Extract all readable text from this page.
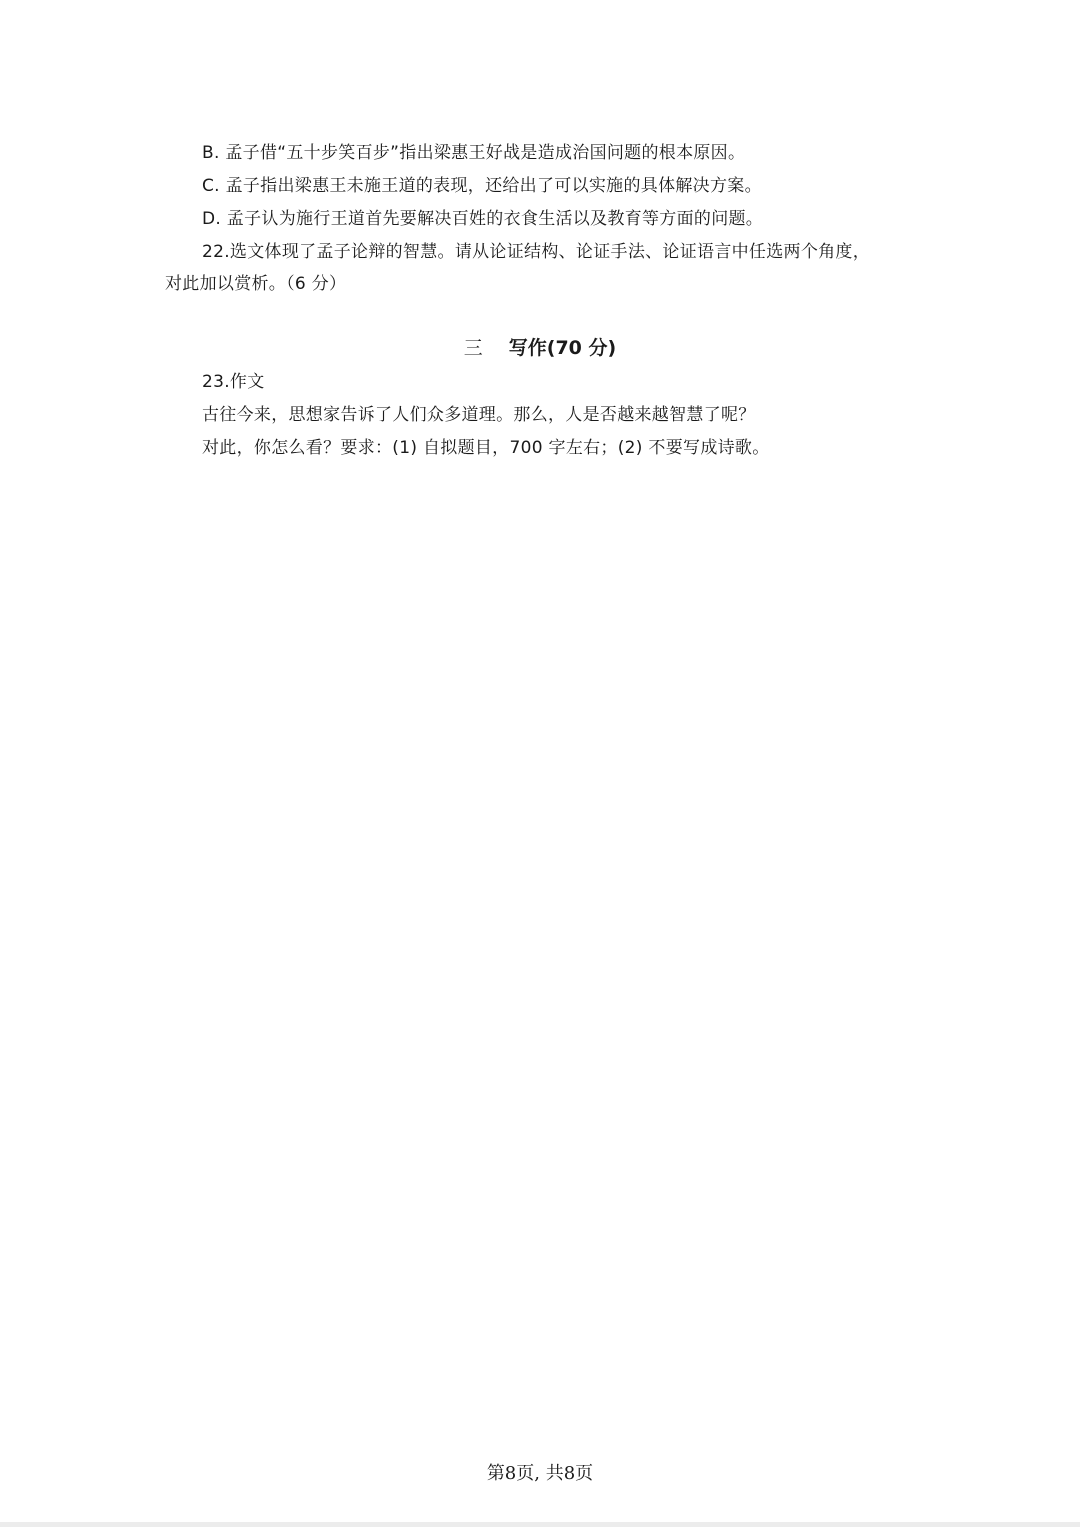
B. 孟子借“五十步笑百步”指出梁惠王好战是造成治国问题的根本原因。
C. 孟子指出梁惠王未施王道的表现，还给出了可以实施的具体解决方案。
D. 孟子认为施行王道首先要解决百姓的衣食生活以及教育等方面的问题。
22.选文体现了孟子论辩的智慧。请从论证结构、论证手法、论证语言中任选两个角度，
对此加以赏析。（6 分）
三 写作(70 分)
23.作文
古往今来，思想家告诉了人们众多道理。那么，人是否越来越智慧了呢？
对此，你怎么看？要求：(1) 自拟题目，700 字左右；(2) 不要写成诗歌。
第8页, 共8页
